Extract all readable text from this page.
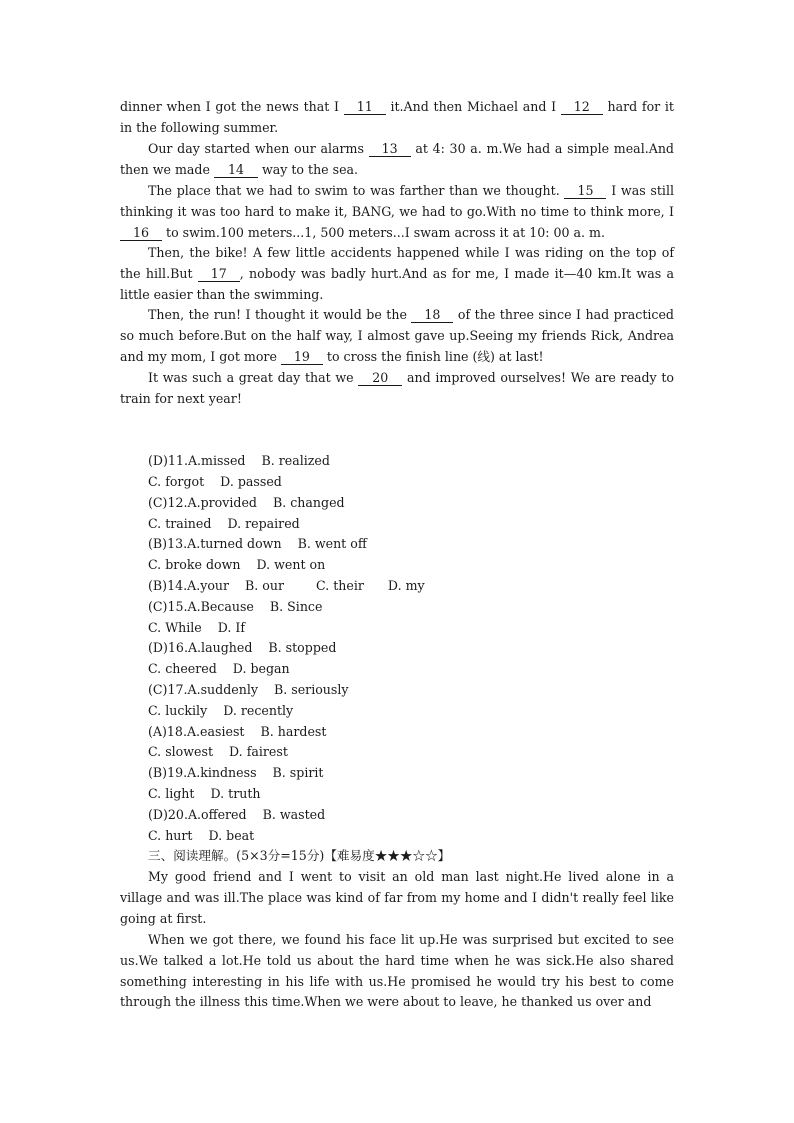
dinner when I got the news that I 11 it.And then Michael and I 12 hard for it in the following summer.

Our day started when our alarms 13 at 4: 30 a. m.We had a simple meal.And then we made 14 way to the sea.

The place that we had to swim to was farther than we thought. 15 I was still thinking it was too hard to make it, BANG, we had to go.With no time to think more, I 16 to swim.100 meters...1, 500 meters...I swam across it at 10: 00 a. m.

Then, the bike! A few little accidents happened while I was riding on the top of the hill.But 17 , nobody was badly hurt.And as for me, I made it—40 km.It was a little easier than the swimming.

Then, the run! I thought it would be the 18 of the three since I had practiced so much before.But on the half way, I almost gave up.Seeing my friends Rick, Andrea and my mom, I got more 19 to cross the finish line (线) at last!

It was such a great day that we 20 and improved ourselves! We are ready to train for next year!

(D)11.A.missed    B. realized

C. forgot    D. passed

(C)12.A.provided    B. changed

C. trained    D. repaired

(B)13.A.turned down    B. went off

C. broke down    D. went on

(B)14.A.your    B. our        C. their      D. my

(C)15.A.Because    B. Since

C. While    D. If

(D)16.A.laughed    B. stopped

C. cheered    D. began

(C)17.A.suddenly    B. seriously

C. luckily    D. recently

(A)18.A.easiest    B. hardest

C. slowest    D. fairest

(B)19.A.kindness    B. spirit

C. light    D. truth

(D)20.A.offered    B. wasted

C. hurt    D. beat

三、阅读理解。(5×3分=15分)【难易度★★★☆☆】

My good friend and I went to visit an old man last night.He lived alone in a village and was ill.The place was kind of far from my home and I didn't really feel like going at first.

When we got there, we found his face lit up.He was surprised but excited to see us.We talked a lot.He told us about the hard time when he was sick.He also shared something interesting in his life with us.He promised he would try his best to come through the illness this time.When we were about to leave, he thanked us over and
